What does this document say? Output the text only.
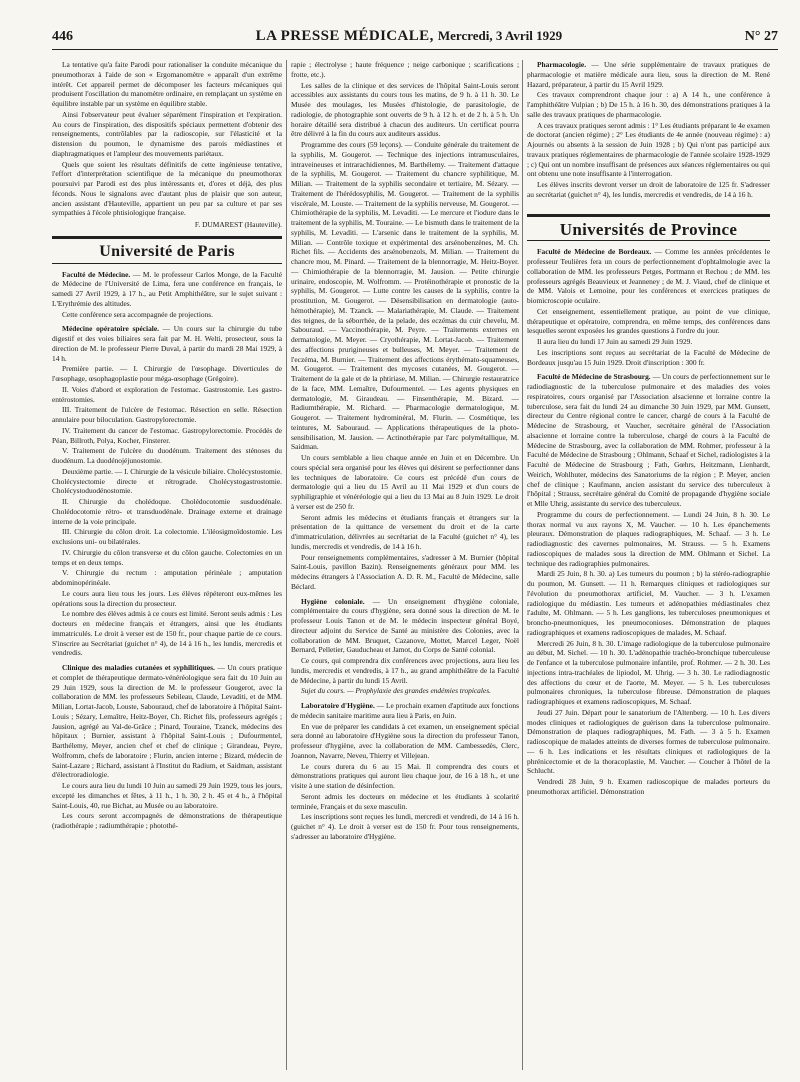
446	LA PRESSE MÉDICALE, Mercredi, 3 Avril 1929	N° 27

La tentative qu'a faite Parodi pour rationaliser la conduite mécanique du pneumothorax à l'aide de son « Ergomanomètre » apparaît d'un extrême intérêt. Cet appareil permet de décomposer les facteurs mécaniques qui produisent l'oscillation du manomètre ordinaire, en remplaçant un système en équilibre instable par un système en équilibre stable.

Ainsi l'observateur peut évaluer séparément l'inspiration et l'expiration. Au cours de l'inspiration, des dispositifs spéciaux permettent d'obtenir des renseignements, contrôlables par la radioscopie, sur l'élasticité et la distension du poumon, le dynamisme des parois médiastines et diaphragmatiques et l'ampleur des mouvements pariétaux.

Quels que soient les résultats définitifs de cette ingénieuse tentative, l'effort d'interprétation scientifique de la mécanique du pneumothorax poursuivi par Parodi est des plus intéressants et, d'ores et déjà, des plus féconds. Nous le signalons avec d'autant plus de plaisir que son auteur, ancien assistant d'Hauteville, appartient un peu par sa culture et par ses sympathies à l'école phtisiologique française.

F. DUMAREST (Hauteville).
Université de Paris

Faculté de Médecine. — M. le professeur Carlos Monge, de la Faculté de Médecine de l'Université de Lima, fera une conférence en français, le samedi 27 Avril 1929, à 17 h., au Petit Amphithéâtre, sur le sujet suivant : L'Erythrémie des altitudes.

Cette conférence sera accompagnée de projections.

Médecine opératoire spéciale. — Un cours sur la chirurgie du tube digestif et des voies biliaires sera fait par M. H. Welti, prosecteur, sous la direction de M. le professeur Pierre Duval, à partir du mardi 28 Mai 1929, à 14 h.

Première partie. — I. Chirurgie de l'œsophage. Diverticules de l'œsophage, œsophagoplastie pour méga-œsophage (Grégoire).

II. Voies d'abord et exploration de l'estomac. Gastrostomie. Les gastro-entérostomies.

III. Traitement de l'ulcère de l'estomac. Résection en selle. Résection annulaire pour biloculation. Gastropylorectomie.

IV. Traitement du cancer de l'estomac. Gastropylorectomie. Procédés de Péan, Billroth, Polya, Kocher, Finsterer.

V. Traitement de l'ulcère du duodénum. Traitement des sténoses du duodénum. La duodénojéjunostomie.

Deuxième partie. — I. Chirurgie de la vésicule biliaire. Cholécystostomie. Cholécystectomie directe et rétrograde. Cholécystogastrostomie. Cholécystoduodénostomie.

II. Chirurgie du cholédoque. Cholédocotomie susduodénale. Cholédocotomie rétro- et transduodénale. Drainage externe et drainage interne de la voie principale.

III. Chirurgie du côlon droit. La colectomie. L'iléosigmoïdostomie. Les exclusions uni- ou bilatérales.

IV. Chirurgie du côlon transverse et du côlon gauche. Colectomies en un temps et en deux temps.

V. Chirurgie du rectum : amputation périnéale ; amputation abdominopérinéale.

Le cours aura lieu tous les jours. Les élèves répéteront eux-mêmes les opérations sous la direction du prosecteur.

Le nombre des élèves admis à ce cours est limité. Seront seuls admis : Les docteurs en médecine français et étrangers, ainsi que les étudiants immatriculés. Le droit à verser est de 150 fr., pour chaque partie de ce cours. S'inscrire au Secrétariat (guichet n° 4), de 14 à 16 h., les lundis, mercredis et vendredis.

Clinique des maladies cutanées et syphilitiques. — Un cours pratique et complet de thérapeutique dermato-vénéréologique sera fait du 10 Juin au 29 Juin 1929, sous la direction de M. le professeur Gougerot, avec la collaboration de MM. les professeurs Sebileau, Claude, Levaditi, et de MM. Milian, Lortat-Jacob, Louste, Sabouraud, chef de laboratoire à l'hôpital Saint-Louis ; Sézary, Lemaître, Heitz-Boyer, Ch. Richet fils, professeurs agrégés ; Jausion, agrégé au Val-de-Grâce ; Pinard, Touraine, Tzanck, médecins des hôpitaux ; Burnier, assistant à l'hôpital Saint-Louis ; Dufourmentel, Barthélemy, Meyer, ancien chef et chef de clinique ; Girandeau, Peyre, Wolfromm, chefs de laboratoire ; Flurin, ancien interne ; Bizard, médecin de Saint-Lazare ; Richard, assistant à l'Institut du Radium, et Saidman, assistant d'électroradiologie.

Le cours aura lieu du lundi 10 Juin au samedi 29 Juin 1929, tous les jours, excepté les dimanches et fêtes, à 11 h., 1 h. 30, 2 h. 45 et 4 h., à l'hôpital Saint-Louis, 40, rue Bichat, au Musée ou au laboratoire.

Les cours seront accompagnés de démonstrations de thérapeutique (radiothérapie ; radiumthérapie ; photothé-

rapie ; électrolyse ; haute fréquence ; neige carbonique ; scarifications ; frotte, etc.).

Les salles de la clinique et des services de l'hôpital Saint-Louis seront accessibles aux assistants du cours tous les matins, de 9 h. à 11 h. 30. Le Musée des moulages, les Musées d'histologie, de parasitologie, de radiologie, de photographie sont ouverts de 9 h. à 12 h. et de 2 h. à 5 h. Un horaire détaillé sera distribué à chacun des auditeurs. Un certificat pourra être délivré à la fin du cours aux auditeurs assidus.

Programme des cours (59 leçons). — Conduite générale du traitement de la syphilis, M. Gougerot. — Technique des injections intramusculaires, intraveineuses et intrarachidiennes, M. Barthélemy. — Traitement d'attaque de la syphilis, M. Gougerot. — Traitement du chancre syphilitique, M. Milian. — Traitement de la syphilis secondaire et tertiaire, M. Sézary. — Traitement de l'hérédosyphilis, M. Gougerot. — Traitement de la syphilis viscérale, M. Louste. — Traitement de la syphilis nerveuse, M. Gougerot. — Chimiothérapie de la syphilis, M. Levaditi. — Le mercure et l'iodure dans le traitement de la syphilis, M. Touraine. — Le bismuth dans le traitement de la syphilis, M. Levaditi. — L'arsenic dans le traitement de la syphilis, M. Milian. — Contrôle toxique et expérimental des arsénobenzènes, M. Ch. Richet fils. — Accidents des arsénobenzols, M. Milian. — Traitement du chancre mou, M. Pinard. — Traitement de la blennorragie, M. Heitz-Boyer. — Chimiothérapie de la blennorragie, M. Jausion. — Petite chirurgie urinaire, endoscopie, M. Wolfromm. — Protéinothérapie et pronostic de la syphilis, M. Gougerot. — Lutte contre les causes de la syphilis, contre la prostitution, M. Gougerot. — Désensibilisation en dermatologie (auto-hémothérapie), M. Tzanck. — Malariathérapie, M. Claude. — Traitement des teignes, de la séborrhée, de la pelade, des eczémas du cuir chevelu, M. Sabouraud. — Vaccinothérapie, M. Peyre. — Traitements externes en dermatologie, M. Meyer. — Cryothérapie, M. Lortat-Jacob. — Traitement des affections prurigineuses et bulleuses, M. Meyer. — Traitement de l'eczéma, M. Burnier. — Traitement des affections érythémato-squameuses, M. Gougerot. — Traitement des mycoses cutanées, M. Gougerot. — Traitement de la gale et de la phtiriase, M. Milian. — Chirurgie restauratrice de la face, MM. Lemaître, Dufourmentel. — Les agents physiques en dermatologie, M. Giraudeau. — Finsenthérapie, M. Bizard. — Radiumthérapie, M. Richard. — Pharmacologie dermatologique, M. Gougerot. — Traitement hydrominéral, M. Flurin. — Cosmétique, les teintures, M. Sabouraud. — Applications thérapeutiques de la photo-sensibilisation, M. Jausion. — Actinothérapie par l'arc polymétallique, M. Saidman.

Un cours semblable a lieu chaque année en Juin et en Décembre. Un cours spécial sera organisé pour les élèves qui désirent se perfectionner dans les techniques de laboratoire. Ce cours est précédé d'un cours de dermatologie qui a lieu du 15 Avril au 11 Mai 1929 et d'un cours de syphiligraphie et vénéréologie qui a lieu du 13 Mai au 8 Juin 1929. Le droit à verser est de 250 fr.

Seront admis les médecins et étudiants français et étrangers sur la présentation de la quittance de versement du droit et de la carte d'immatriculation, délivrées au secrétariat de la Faculté (guichet n° 4), les lundis, mercredis et vendredis, de 14 à 16 h.

Pour renseignements complémentaires, s'adresser à M. Burnier (hôpital Saint-Louis, pavillon Bazin). Renseignements généraux pour MM. les médecins étrangers à l'Association A. D. R. M., Faculté de Médecine, salle Béclard.

Hygiène coloniale. — Un enseignement d'hygiène coloniale, complémentaire du cours d'hygiène, sera donné sous la direction de M. le professeur Louis Tanon et de M. le médecin inspecteur général Boyé, directeur adjoint du Service de Santé au ministère des Colonies, avec la collaboration de MM. Bruquet, Cazanove, Mottet, Marcel Leger, Noël Bernard, Pelletier, Gauducheau et Jamot, du Corps de Santé colonial.

Ce cours, qui comprendra dix conférences avec projections, aura lieu les lundis, mercredis et vendredis, à 17 h., au grand amphithéâtre de la Faculté de Médecine, à partir du lundi 15 Avril.

Sujet du cours. — Prophylaxie des grandes endémies tropicales.

Laboratoire d'Hygiène. — Le prochain examen d'aptitude aux fonctions de médecin sanitaire maritime aura lieu à Paris, en Juin.

En vue de préparer les candidats à cet examen, un enseignement spécial sera donné au laboratoire d'Hygiène sous la direction du professeur Tanon, professeur d'hygiène, avec la collaboration de MM. Cambessedès, Clerc, Joannon, Navarre, Neveu, Thierry et Villejean.

Le cours durera du 6 au 15 Mai. Il comprendra des cours et démonstrations pratiques qui auront lieu chaque jour, de 16 à 18 h., et une visite à une station de désinfection.

Seront admis les docteurs en médecine et les étudiants à scolarité terminée, Français et du sexe masculin.

Les inscriptions sont reçues les lundi, mercredi et vendredi, de 14 à 16 h. (guichet n° 4). Le droit à verser est de 150 fr. Pour tous renseignements, s'adresser au laboratoire d'Hygiène.

Pharmacologie. — Une série supplémentaire de travaux pratiques de pharmacologie et matière médicale aura lieu, sous la direction de M. René Hazard, préparateur, à partir du 15 Avril 1929.

Ces travaux comprendront chaque jour : a) A 14 h., une conférence à l'amphithéâtre Vulpian ; b) De 15 h. à 16 h. 30, des démonstrations pratiques à la salle des travaux pratiques de pharmacologie.

A ces travaux pratiques seront admis : 1° Les étudiants préparant le 4e examen de doctorat (ancien régime) ; 2° Les étudiants de 4e année (nouveau régime) : a) Ajournés ou absents à la session de Juin 1928 ; b) Qui n'ont pas participé aux travaux pratiques réglementaires de pharmacologie de l'année scolaire 1928-1929 ; c) Qui ont un nombre insuffisant de présences aux séances réglementaires ou qui ont obtenu une note insuffisante à l'interrogation.

Les élèves inscrits devront verser un droit de laboratoire de 125 fr. S'adresser au secrétariat (guichet n° 4), les lundis, mercredis et vendredis, de 14 à 16 h.

Universités de Province

Faculté de Médecine de Bordeaux. — Comme les années précédentes le professeur Teulières fera un cours de perfectionnement d'ophtalmologie avec la collaboration de MM. les professeurs Petges, Portmann et Rechou ; de MM. les professeurs agrégés Beauvieux et Jeanneney ; de M. J. Viaud, chef de clinique et de MM. Valois et Lemoine, pour les conférences et exercices pratiques de biomicroscopie oculaire.

Cet enseignement, essentiellement pratique, au point de vue clinique, thérapeutique et opératoire, comprendra, en même temps, des conférences dans lesquelles seront exposées les grandes questions à l'ordre du jour.

Il aura lieu du lundi 17 Juin au samedi 29 Juin 1929.

Les inscriptions sont reçues au secrétariat de la Faculté de Médecine de Bordeaux jusqu'au 15 Juin 1929. Droit d'inscription : 300 fr.

Faculté de Médecine de Strasbourg. — Un cours de perfectionnement sur le radiodiagnostic de la tuberculose pulmonaire et des maladies des voies respiratoires, cours organisé par l'Association alsacienne et lorraine contre la tuberculose, sera fait du lundi 24 au dimanche 30 Juin 1929, par MM. Gunsett, directeur du Centre régional contre le cancer, chargé de cours à la Faculté de Médecine de Strasbourg, et Vaucher, secrétaire général de l'Association alsacienne et lorraine contre la tuberculose, chargé de cours à la Faculté de Médecine de Strasbourg, avec la collaboration de MM. Rohmer, professeur à la Faculté de Médecine de Strasbourg ; Ohlmann, Schaaf et Sichel, radiologistes à la Faculté de Médecine de Strasbourg ; Fath, Gœhrs, Heitzmann, Lienhardt, Weirich, Wohlhuter, médecins des Sanatoriums de la région ; P. Meyer, ancien chef de clinique ; Kaufmann, ancien assistant du service des tuberculeux à l'hôpital ; Strauss, secrétaire général du Comité de propagande d'hygiène sociale et Mlle Uhrig, assistante du service des tuberculeux.

Programme du cours de perfectionnement. — Lundi 24 Juin, 8 h. 30. Le thorax normal vu aux rayons X, M. Vaucher. — 10 h. Les épanchements pleuraux. Démonstration de plaques radiographiques, M. Schaaf. — 3 h. Le radiodiagnostic des cavernes pulmonaires, M. Strauss. — 5 h. Examens radioscopiques de malades sous la direction de MM. Ohlmann et Sichel. La technique des radiographies pulmonaires.

Mardi 25 Juin, 8 h. 30. a) Les tumeurs du poumon ; b) la stéréo-radiographie du poumon, M. Gunsett. — 11 h. Remarques cliniques et radiologiques sur l'évolution du pneumothorax artificiel, M. Vaucher. — 3 h. L'examen radiologique du médiastin. Les tumeurs et adénopathies médiastinales chez l'adulte, M. Ohlmann. — 5 h. Les ganglions, les tuberculoses pneumoniques et broncho-pneumoniques, les pneumoconioses. Démonstration de plaques radiographiques et examens radioscopiques de malades, M. Schaaf.

Mercredi 26 Juin, 8 h. 30. L'image radiologique de la tuberculose pulmonaire au début, M. Sichel. — 10 h. 30. L'adénopathie trachéo-bronchique tuberculeuse de l'enfance et la tuberculose pulmonaire infantile, prof. Rohmer. — 2 h. 30. Les injections intra-trachéales de lipiodol, M. Uhrig. — 3 h. 30. Le radiodiagnostic des affections du cœur et de l'aorte, M. Meyer. — 5 h. Les tuberculoses pulmonaires chroniques, la tuberculose fibreuse. Démonstration de plaques radiographiques et examens radioscopiques, M. Schaaf.

Jeudi 27 Juin. Départ pour le sanatorium de l'Altenberg. — 10 h. Les divers modes cliniques et radiologiques de guérison dans la tuberculose pulmonaire. Démonstration de plaques radiographiques, M. Fath. — 3 à 5 h. Examen radioscopique de malades atteints de diverses formes de tuberculose pulmonaire. — 6 h. Les indications et les résultats cliniques et radiologiques de la phrénicectomie et de la thoracoplastie, M. Vaucher. — Coucher à l'hôtel de la Schlucht.

Vendredi 28 Juin, 9 h. Examen radioscopique de malades porteurs du pneumothorax artificiel. Démonstration
